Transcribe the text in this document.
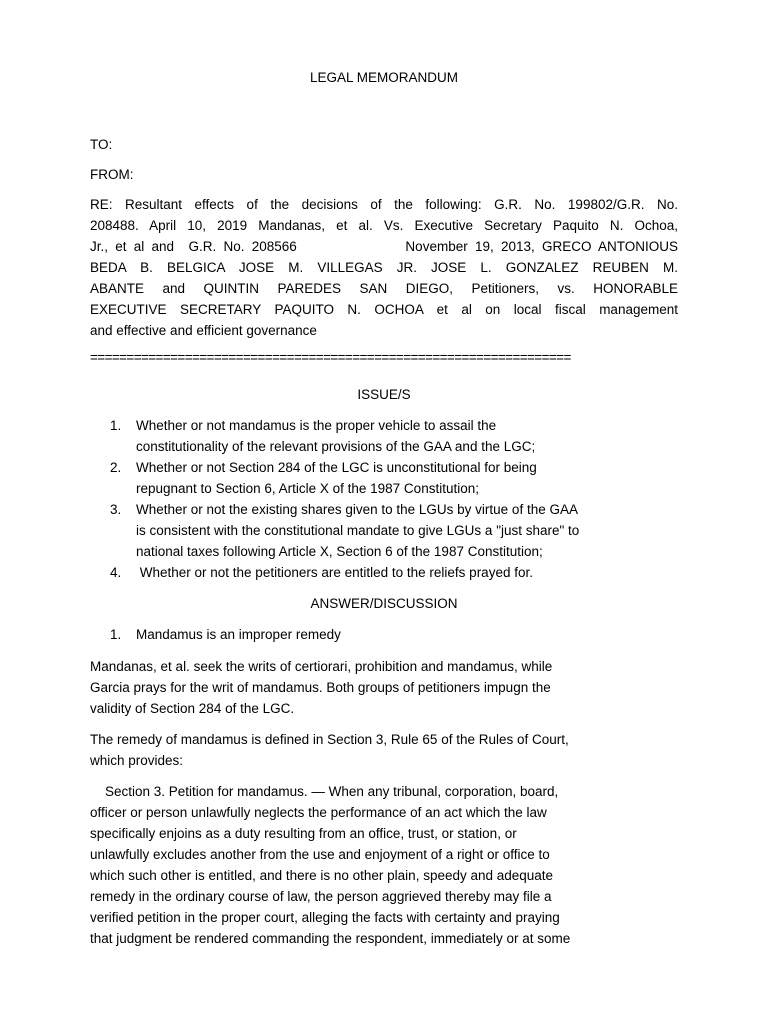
LEGAL MEMORANDUM
TO:
FROM:
RE: Resultant effects of the decisions of the following: G.R. No. 199802/G.R. No.
208488. April 10, 2019 Mandanas, et al. Vs. Executive Secretary Paquito N. Ochoa,
Jr., et al and  G.R. No. 208566               November 19, 2013, GRECO ANTONIOUS
BEDA B. BELGICA JOSE M. VILLEGAS JR. JOSE L. GONZALEZ REUBEN M.
ABANTE and QUINTIN PAREDES SAN DIEGO, Petitioners, vs. HONORABLE
EXECUTIVE SECRETARY PAQUITO N. OCHOA et al on local fiscal management
and effective and efficient governance
==================================================================
ISSUE/S
1. Whether or not mandamus is the proper vehicle to assail the
constitutionality of the relevant provisions of the GAA and the LGC;
2. Whether or not Section 284 of the LGC is unconstitutional for being
repugnant to Section 6, Article X of the 1987 Constitution;
3. Whether or not the existing shares given to the LGUs by virtue of the GAA
is consistent with the constitutional mandate to give LGUs a "just share" to
national taxes following Article X, Section 6 of the 1987 Constitution;
4. Whether or not the petitioners are entitled to the reliefs prayed for.
ANSWER/DISCUSSION
1. Mandamus is an improper remedy
Mandanas, et al. seek the writs of certiorari, prohibition and mandamus, while
Garcia prays for the writ of mandamus. Both groups of petitioners impugn the
validity of Section 284 of the LGC.
The remedy of mandamus is defined in Section 3, Rule 65 of the Rules of Court,
which provides:
Section 3. Petition for mandamus. — When any tribunal, corporation, board,
officer or person unlawfully neglects the performance of an act which the law
specifically enjoins as a duty resulting from an office, trust, or station, or
unlawfully excludes another from the use and enjoyment of a right or office to
which such other is entitled, and there is no other plain, speedy and adequate
remedy in the ordinary course of law, the person aggrieved thereby may file a
verified petition in the proper court, alleging the facts with certainty and praying
that judgment be rendered commanding the respondent, immediately or at some
